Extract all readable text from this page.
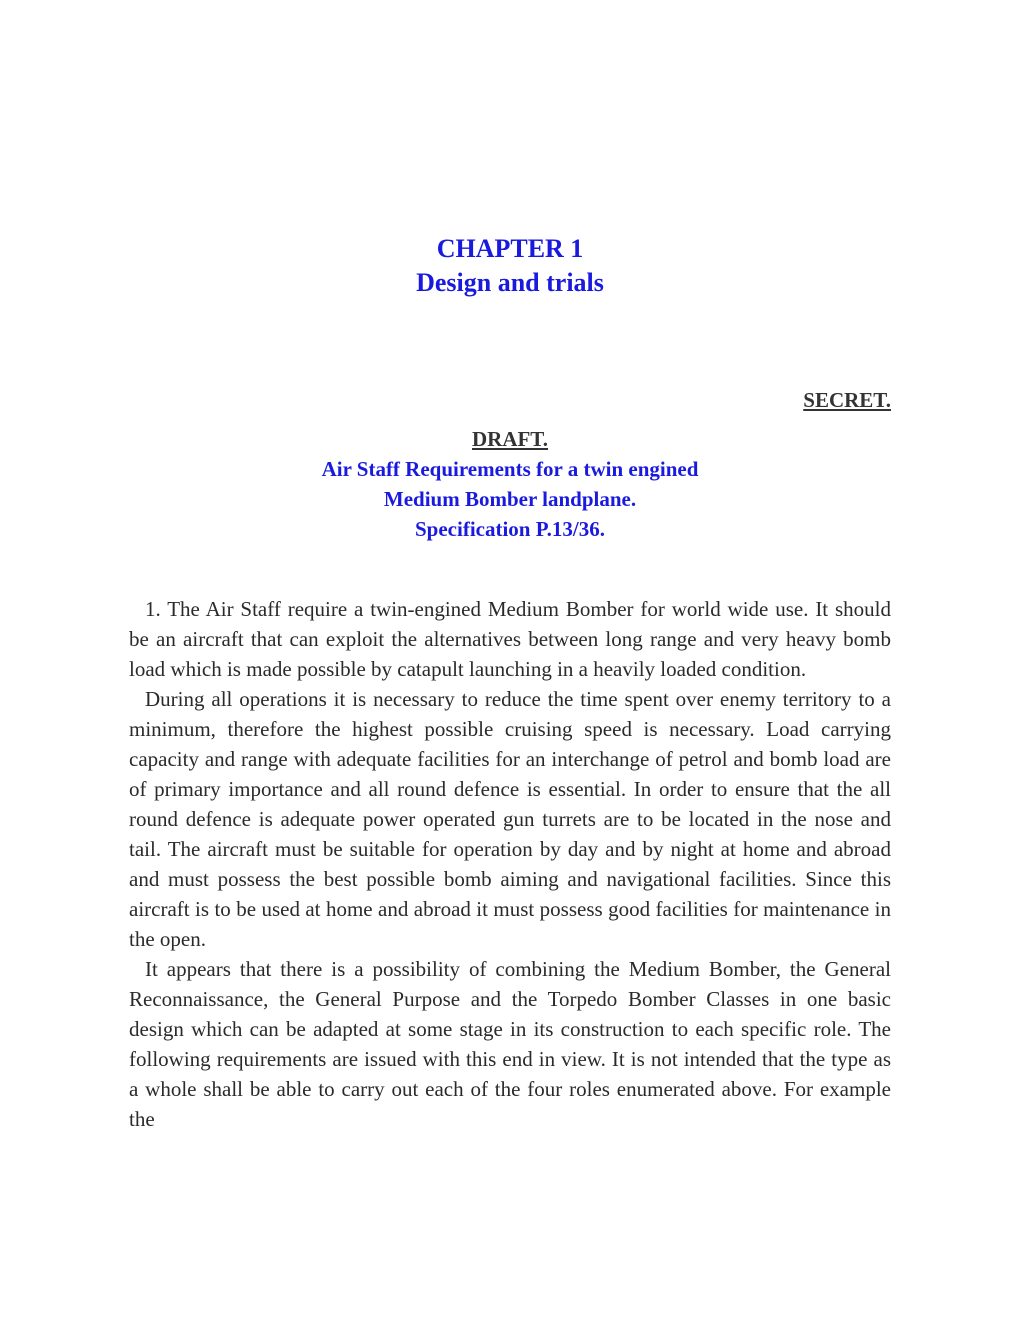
CHAPTER 1
Design and trials
SECRET.
DRAFT.
Air Staff Requirements for a twin engined
Medium Bomber landplane.
Specification P.13/36.

1. The Air Staff require a twin-engined Medium Bomber for world wide use. It should be an aircraft that can exploit the alternatives between long range and very heavy bomb load which is made possible by catapult launching in a heavily loaded condition.

During all operations it is necessary to reduce the time spent over enemy territory to a minimum, therefore the highest possible cruising speed is necessary. Load carrying capacity and range with adequate facilities for an interchange of petrol and bomb load are of primary importance and all round defence is essential. In order to ensure that the all round defence is adequate power operated gun turrets are to be located in the nose and tail. The aircraft must be suitable for operation by day and by night at home and abroad and must possess the best possible bomb aiming and navigational facilities. Since this aircraft is to be used at home and abroad it must possess good facilities for maintenance in the open.

It appears that there is a possibility of combining the Medium Bomber, the General Reconnaissance, the General Purpose and the Torpedo Bomber Classes in one basic design which can be adapted at some stage in its construction to each specific role. The following requirements are issued with this end in view. It is not intended that the type as a whole shall be able to carry out each of the four roles enumerated above. For example the
